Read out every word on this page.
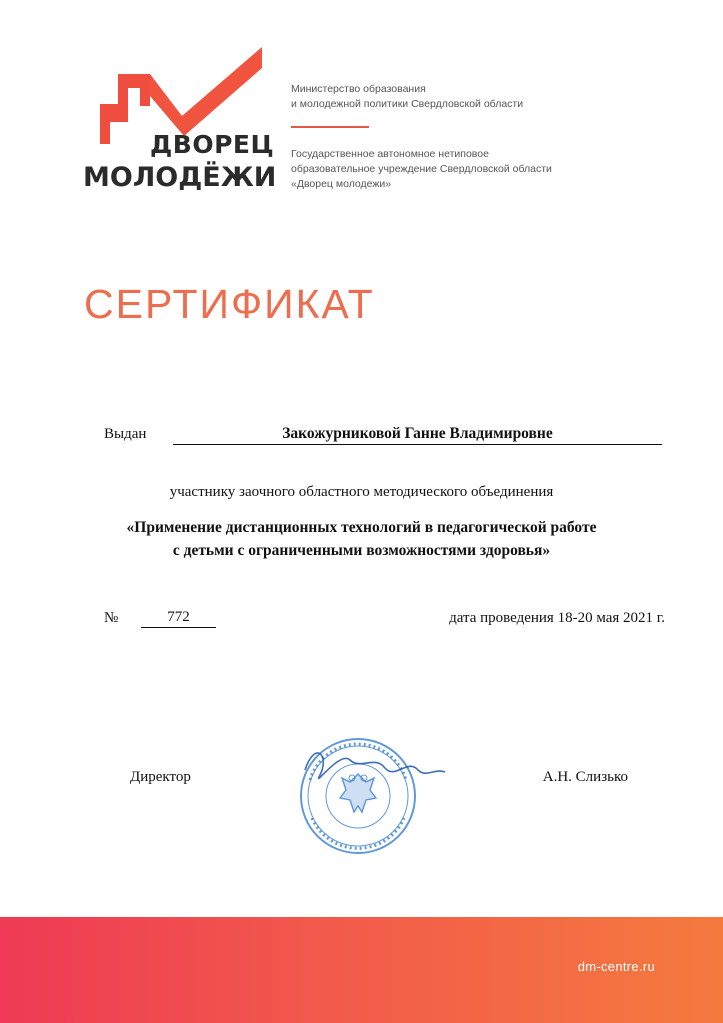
ДВОРЕЦ
МОЛОДЁЖИ
Министерство образования
и молодежной политики Свердловской области
Государственное автономное нетиповое
образовательное учреждение Свердловской области
«Дворец молодежи»
СЕРТИФИКАТ
Выдан	Закожурниковой Ганне Владимировне
участнику заочного областного методического объединения
«Применение дистанционных технологий в педагогической работе
с детьми с ограниченными возможностями здоровья»
№	772	дата проведения 18-20 мая 2021 г.
Директор	А.Н. Слизько
dm-centre.ru
